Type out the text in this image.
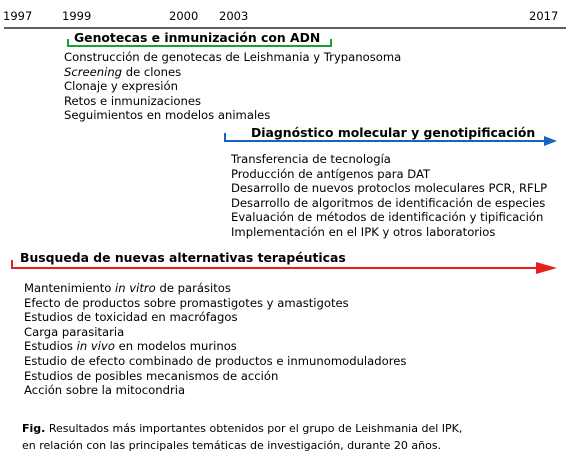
1997	1999	2000 2003	2017
Genotecas e inmunización con ADN
Construcción de genotecas de Leishmania y Trypanosoma
Screening de clones
Clonaje y expresión
Retos e inmunizaciones
Seguimientos en modelos animales
Diagnóstico molecular y genotipificación
Transferencia de tecnología
Producción de antígenos para DAT
Desarrollo de nuevos protoclos moleculares PCR, RFLP
Desarrollo de algoritmos de identificación de especies
Evaluación de métodos de identificación y tipificación
Implementación en el IPK y otros laboratorios
Busqueda de nuevas alternativas terapéuticas
Mantenimiento in vitro de parásitos
Efecto de productos sobre promastigotes y amastigotes
Estudios de toxicidad en macrófagos
Carga parasitaria
Estudios in vivo en modelos murinos
Estudio de efecto combinado de productos e inmunomoduladores
Estudios de posibles mecanismos de acción
Acción sobre la mitocondria
Fig. Resultados más importantes obtenidos por el grupo de Leishmania del IPK,
en relación con las principales temáticas de investigación, durante 20 años.
